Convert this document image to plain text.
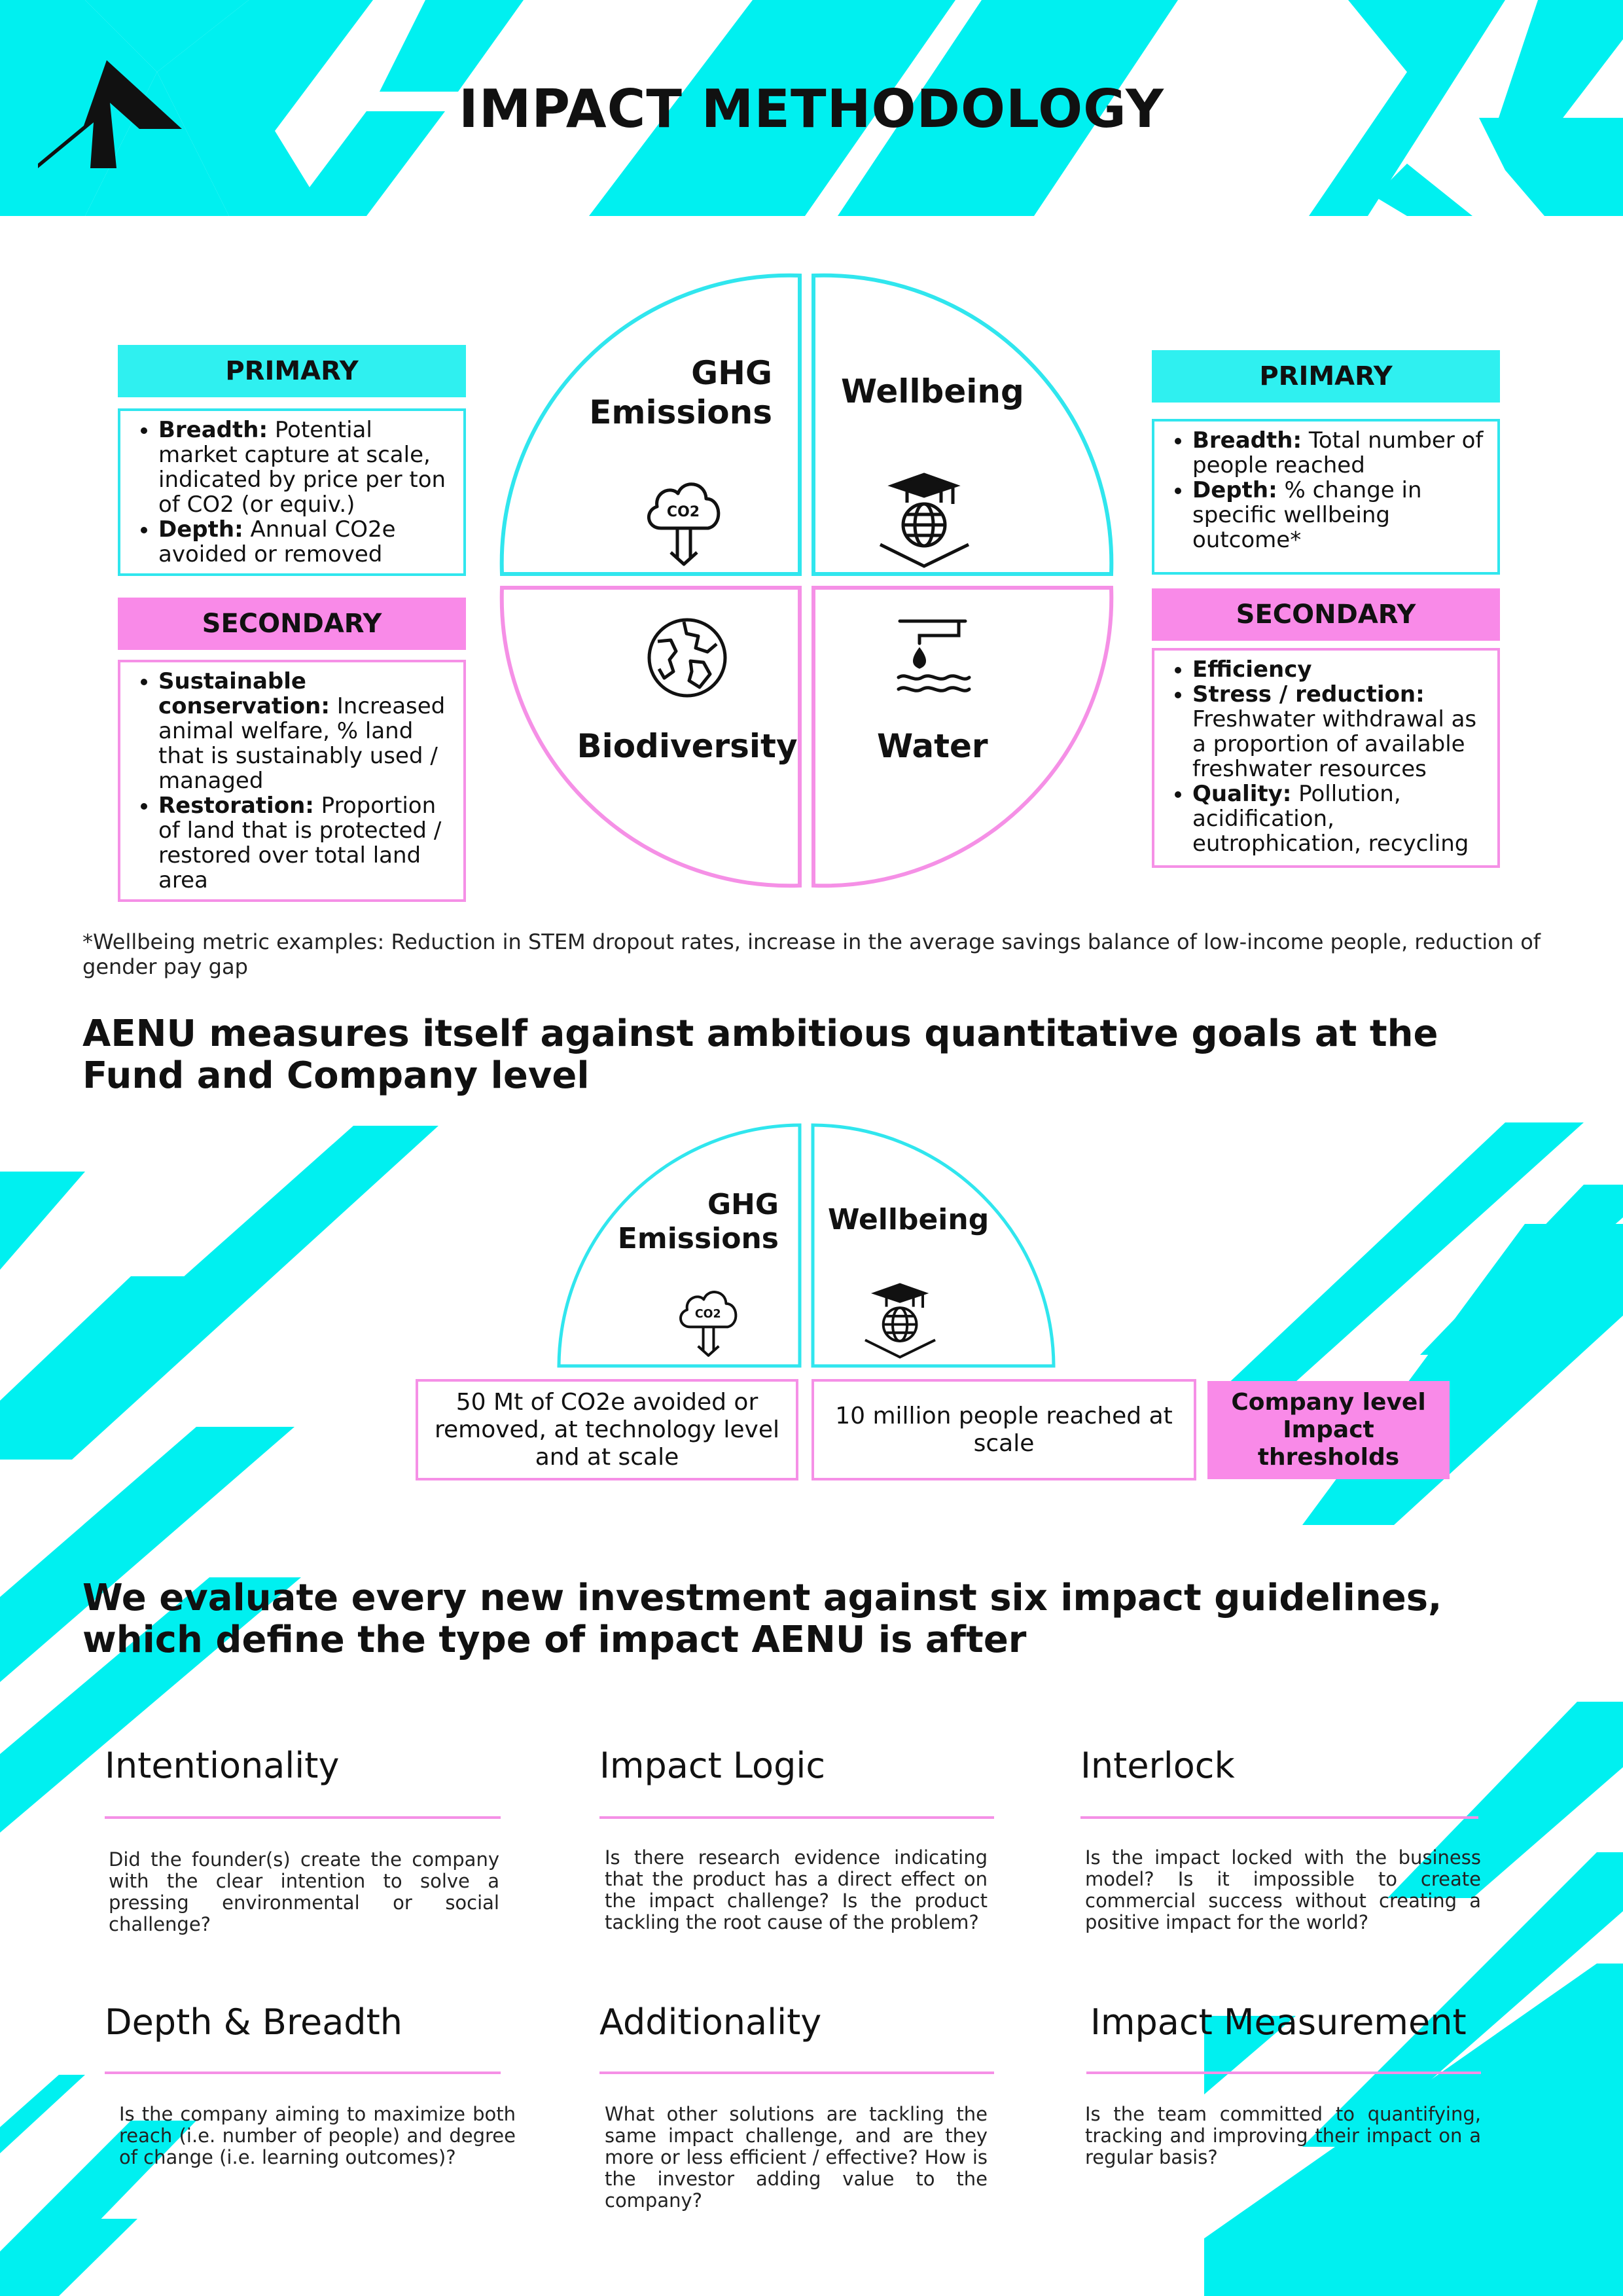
IMPACT METHODOLOGY
GHG Emissions
Wellbeing
Biodiversity Water
CO2
PRIMARY
• Breadth: Potential market capture at scale, indicated by price per ton of CO2 (or equiv.)
• Depth: Annual CO2e avoided or removed
SECONDARY
• Sustainable conservation: Increased animal welfare, % land that is sustainably used / managed
• Restoration: Proportion of land that is protected / restored over total land area
PRIMARY
• Breadth: Total number of people reached
• Depth: % change in specific wellbeing outcome*
SECONDARY
• Efficiency
• Stress / reduction: Freshwater withdrawal as a proportion of available freshwater resources
• Quality: Pollution, acidification, eutrophication, recycling
*Wellbeing metric examples: Reduction in STEM dropout rates, increase in the average savings balance of low-income people, reduction of gender pay gap
AENU measures itself against ambitious quantitative goals at the Fund and Company level
GHG Emissions
Wellbeing
CO2
50 Mt of CO2e avoided or removed, at technology level and at scale
10 million people reached at scale
Company level Impact thresholds
We evaluate every new investment against six impact guidelines, which define the type of impact AENU is after
Intentionality
Did the founder(s) create the company with the clear intention to solve a pressing environmental or social challenge?
Impact Logic
Is there research evidence indicating that the product has a direct effect on the impact challenge? Is the product tackling the root cause of the problem?
Interlock
Is the impact locked with the business model? Is it impossible to create commercial success without creating a positive impact for the world?
Depth & Breadth
Is the company aiming to maximize both reach (i.e. number of people) and degree of change (i.e. learning outcomes)?
Additionality
What other solutions are tackling the same impact challenge, and are they more or less efficient / effective? How is the investor adding value to the company?
Impact Measurement
Is the team committed to quantifying, tracking and improving their impact on a regular basis?
